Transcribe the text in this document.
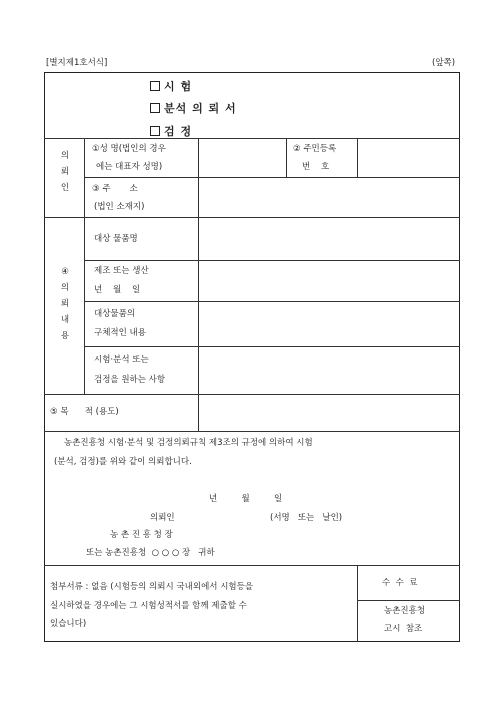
[별지제1호서식]	(앞쪽)
시 험
분석 의 뢰 서
검 정
의
뢰
인
①성 명(법인의 경우
에는 대표자 성명)
② 주민등록
번    호
③ 주       소
(법인 소재지)
④
의
뢰
내
용
대상 물품명
제조 또는 생산
년    월    일
대상물품의
구체적인 내용
시험·분석 또는
검정을 원하는 사항
⑤ 목      적 (용도)
농촌진흥청 시험·분석 및 검정의뢰규칙 제3조의 규정에 의하여 시험
(분석, 검정)를 위와 같이 의뢰합니다.
년         월         일
의뢰인	(서명   또는   날인)
농 촌 진 흥 청 장
또는 농촌진흥청  ○ ○ ○ 장   귀하
첨부서류 : 없음 (시험등의 의뢰시 국내외에서 시험등을
실시하였을 경우에는 그 시험성적서를 함께 제출할 수
있습니다)
수  수  료
농촌진흥청
고시  참조
